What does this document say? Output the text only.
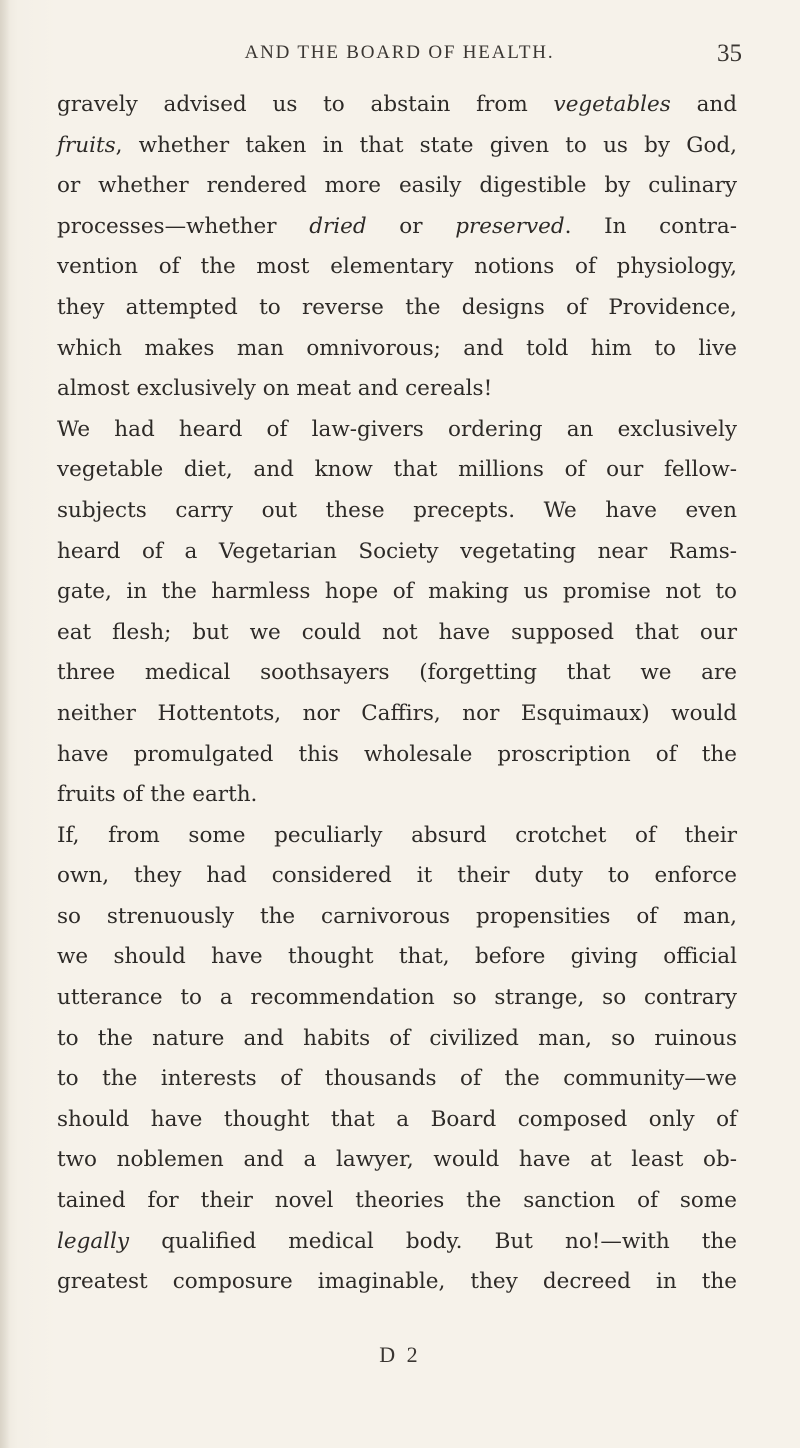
AND THE BOARD OF HEALTH.	35

gravely advised us to abstain from vegetables and
fruits, whether taken in that state given to us by God,
or whether rendered more easily digestible by culinary
processes—whether dried or preserved. In contra-
vention of the most elementary notions of physiology,
they attempted to reverse the designs of Providence,
which makes man omnivorous; and told him to live
almost exclusively on meat and cereals!

We had heard of law-givers ordering an exclusively
vegetable diet, and know that millions of our fellow-
subjects carry out these precepts. We have even
heard of a Vegetarian Society vegetating near Rams-
gate, in the harmless hope of making us promise not to
eat flesh; but we could not have supposed that our
three medical soothsayers (forgetting that we are
neither Hottentots, nor Caffirs, nor Esquimaux) would
have promulgated this wholesale proscription of the
fruits of the earth.

If, from some peculiarly absurd crotchet of their
own, they had considered it their duty to enforce
so strenuously the carnivorous propensities of man,
we should have thought that, before giving official
utterance to a recommendation so strange, so contrary
to the nature and habits of civilized man, so ruinous
to the interests of thousands of the community—we
should have thought that a Board composed only of
two noblemen and a lawyer, would have at least ob-
tained for their novel theories the sanction of some
legally qualified medical body. But no!—with the
greatest composure imaginable, they decreed in the

D 2
